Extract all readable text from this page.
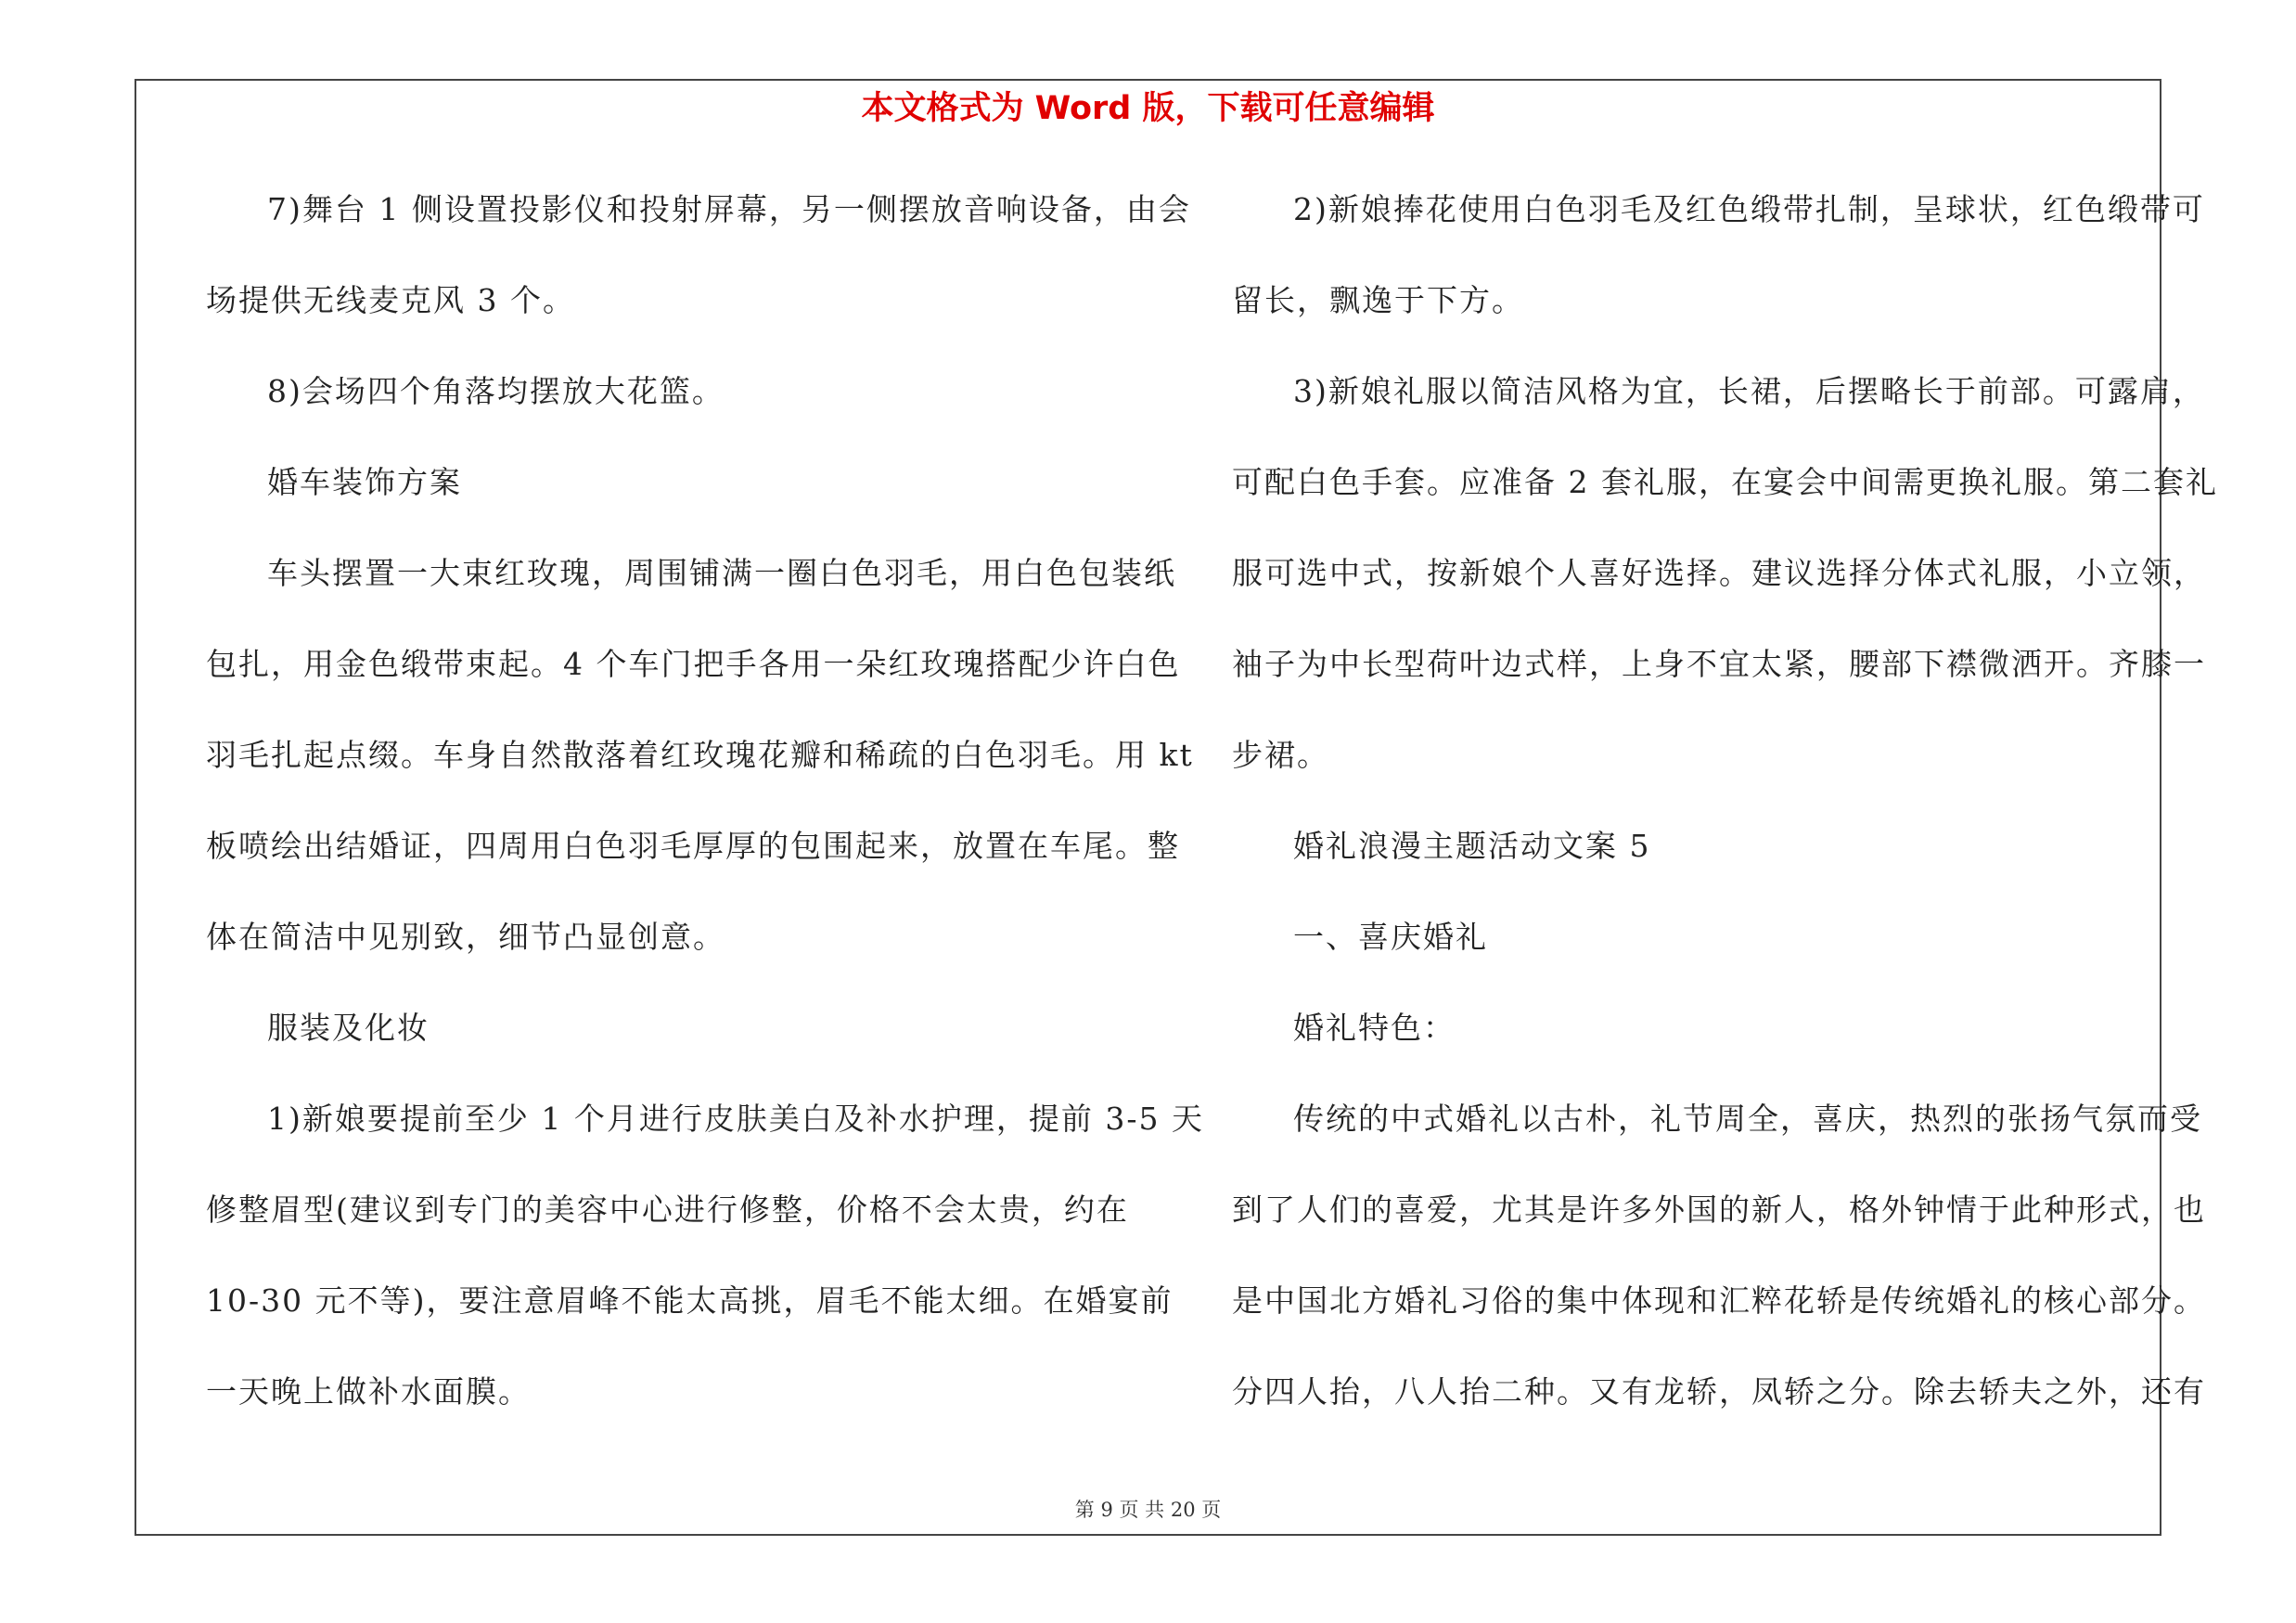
本文格式为 Word 版，下载可任意编辑
7)舞台 1 侧设置投影仪和投射屏幕，另一侧摆放音响设备，由会
场提供无线麦克风 3 个。
8)会场四个角落均摆放大花篮。
婚车装饰方案
车头摆置一大束红玫瑰，周围铺满一圈白色羽毛，用白色包装纸
包扎，用金色缎带束起。4 个车门把手各用一朵红玫瑰搭配少许白色
羽毛扎起点缀。车身自然散落着红玫瑰花瓣和稀疏的白色羽毛。用 kt
板喷绘出结婚证，四周用白色羽毛厚厚的包围起来，放置在车尾。整
体在简洁中见别致，细节凸显创意。
服装及化妆
1)新娘要提前至少 1 个月进行皮肤美白及补水护理，提前 3-5 天
修整眉型(建议到专门的美容中心进行修整，价格不会太贵，约在
10-30 元不等)，要注意眉峰不能太高挑，眉毛不能太细。在婚宴前
一天晚上做补水面膜。
2)新娘捧花使用白色羽毛及红色缎带扎制，呈球状，红色缎带可
留长，飘逸于下方。
3)新娘礼服以简洁风格为宜，长裙，后摆略长于前部。可露肩，
可配白色手套。应准备 2 套礼服，在宴会中间需更换礼服。第二套礼
服可选中式，按新娘个人喜好选择。建议选择分体式礼服，小立领，
袖子为中长型荷叶边式样，上身不宜太紧，腰部下襟微洒开。齐膝一
步裙。
婚礼浪漫主题活动文案 5
一、喜庆婚礼
婚礼特色：
传统的中式婚礼以古朴，礼节周全，喜庆，热烈的张扬气氛而受
到了人们的喜爱，尤其是许多外国的新人，格外钟情于此种形式，也
是中国北方婚礼习俗的集中体现和汇粹花轿是传统婚礼的核心部分。
分四人抬，八人抬二种。又有龙轿，凤轿之分。除去轿夫之外，还有
第 9 页 共 20 页
